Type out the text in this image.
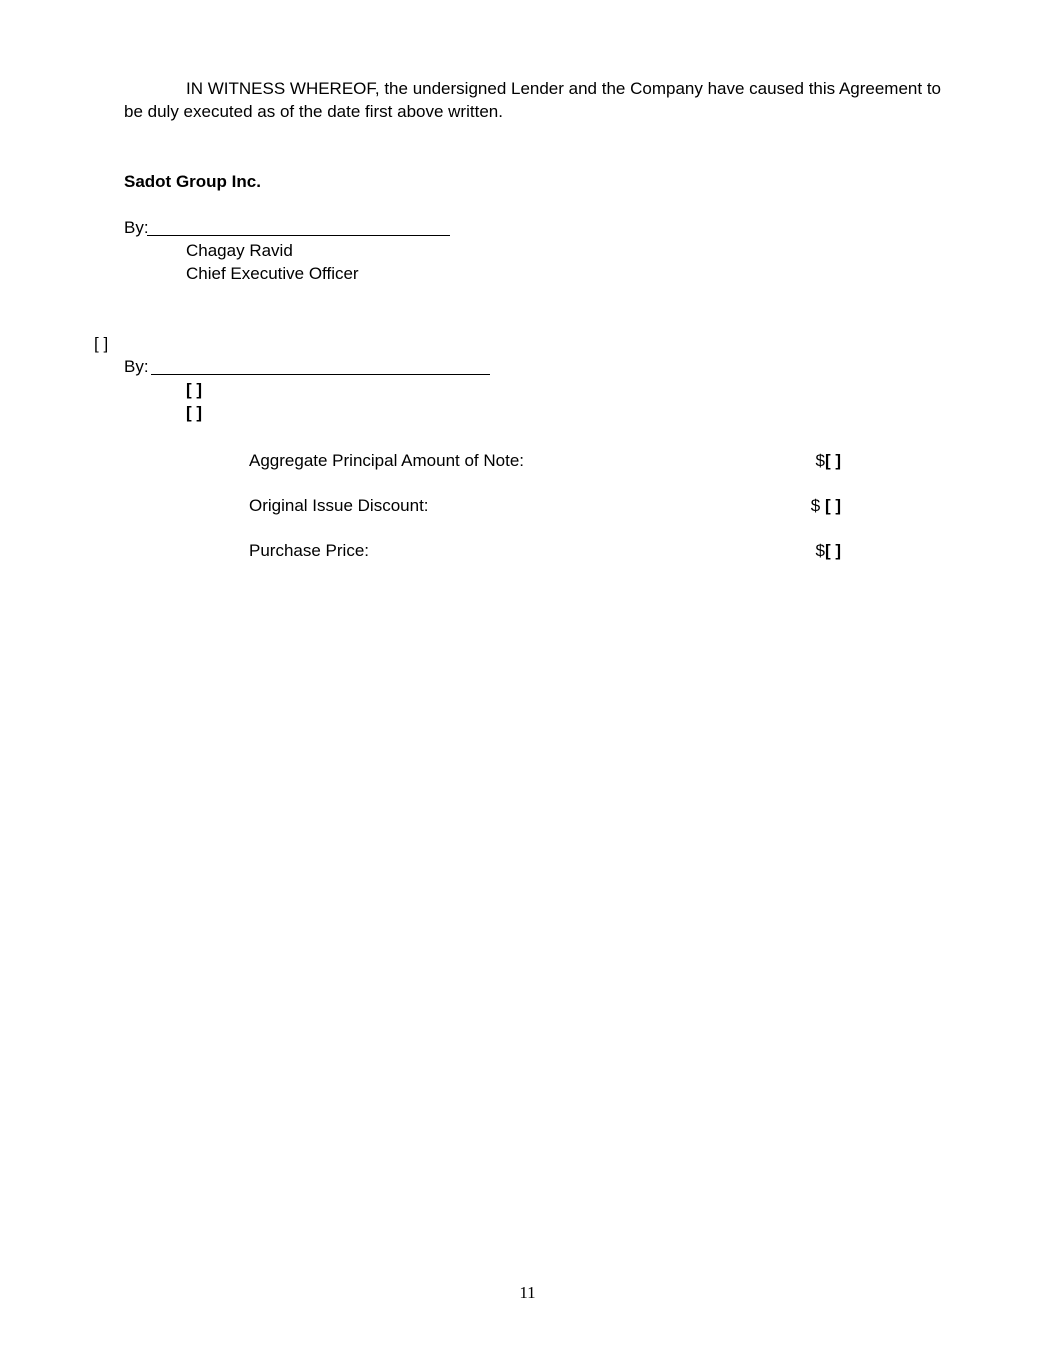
IN WITNESS WHEREOF, the undersigned Lender and the Company have caused this Agreement to
be duly executed as of the date first above written.
Sadot Group Inc.
By:
Chagay Ravid
Chief Executive Officer
[ ]
By:
[ ]
[ ]
Aggregate Principal Amount of Note:	$[ ]
Original Issue Discount:	$ [ ]
Purchase Price:	$[ ]
11
